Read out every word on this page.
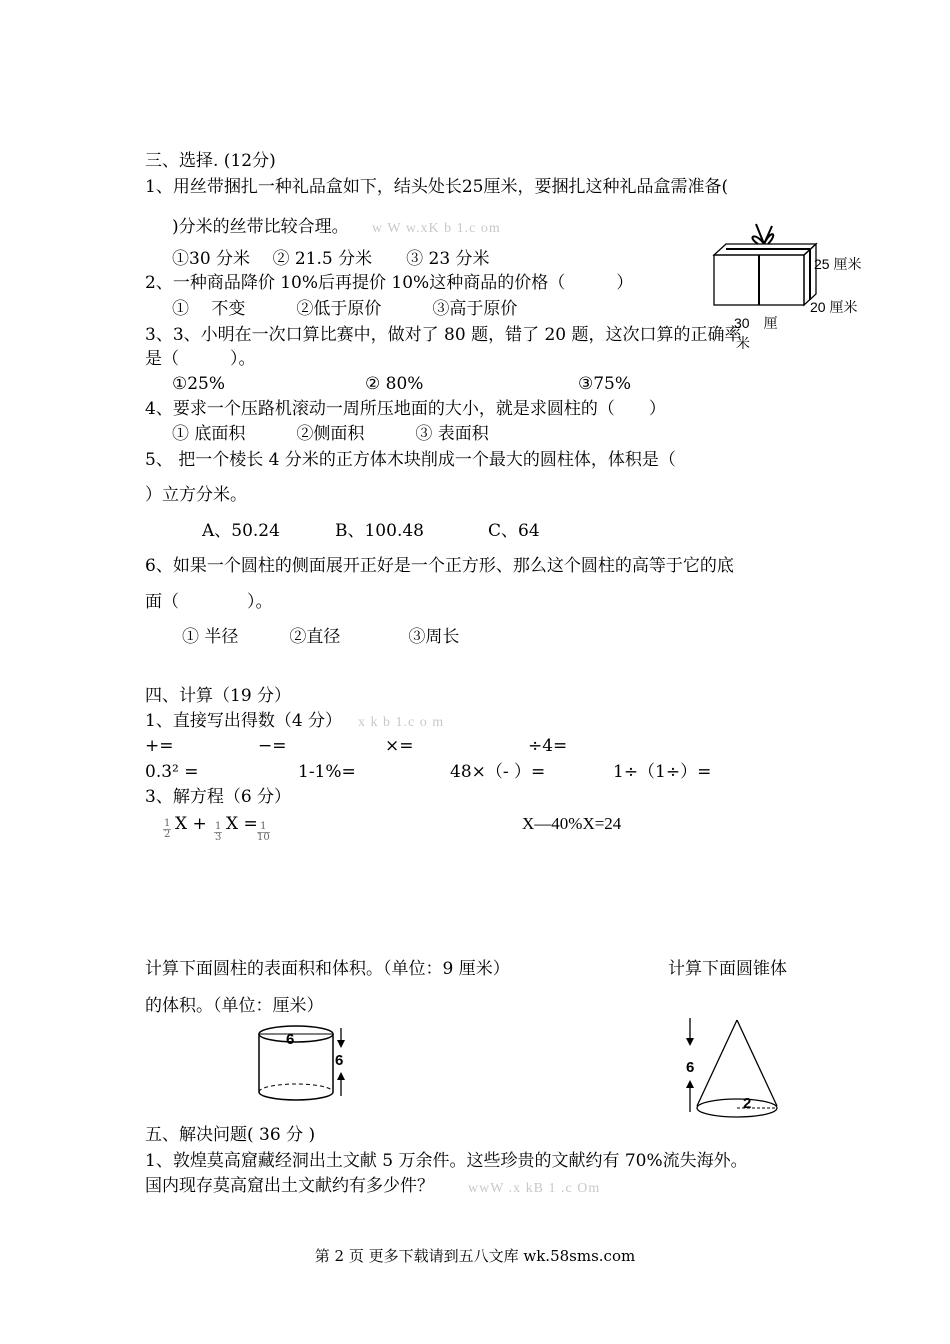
三、选择. (12分)
1、用丝带捆扎一种礼品盒如下，结头处长25厘米，要捆扎这种礼品盒需准备(
)分米的丝带比较合理。 w W w.xK b 1.c om
①30 分米　 ② 21.5 分米　　③ 23 分米	25 厘米
20 厘米
30　厘
米
2、一种商品降价 10%后再提价 10%这种商品的价格（　　　）
①　 不变　　　②低于原价　　　③高于原价
3、3、小明在一次口算比赛中，做对了 80 题，错了 20 题，这次口算的正确率
是（　　　）。
①25%	② 80%	③75%
4、要求一个压路机滚动一周所压地面的大小，就是求圆柱的（　　）
① 底面积　　　②侧面积　　　③ 表面积
5、 把一个棱长 4 分米的正方体木块削成一个最大的圆柱体，体积是（
）立方分米。
A、50.24	B、100.48	C、64
6、如果一个圆柱的侧面展开正好是一个正方形、那么这个圆柱的高等于它的底
面（　　　　）。
① 半径　　　②直径　　　　③周长
四、计算（19 分）
1、直接写出得数（4 分） x k b 1.c o m
+=	−=	×=	÷4=
0.3² =	1-1%=	48×（- ）=	1÷（1÷）=
3、解方程（6 分）
$\frac{1}{2}$ $X + \frac{1}{3}$ $X = \frac{1}{10}$	X—40%X=24
计算下面圆柱的表面积和体积。（单位：9 厘米）	计算下面圆锥体
的体积。（单位：厘米）
6
6	6
2
五、解决问题( 36 分 )
1、敦煌莫高窟藏经洞出土文献 5 万余件。这些珍贵的文献约有 70%流失海外。
国内现存莫高窟出土文献约有多少件？ wwW .x kB 1 .c Om
第 2 页 更多下载请到五八文库 wk.58sms.com
